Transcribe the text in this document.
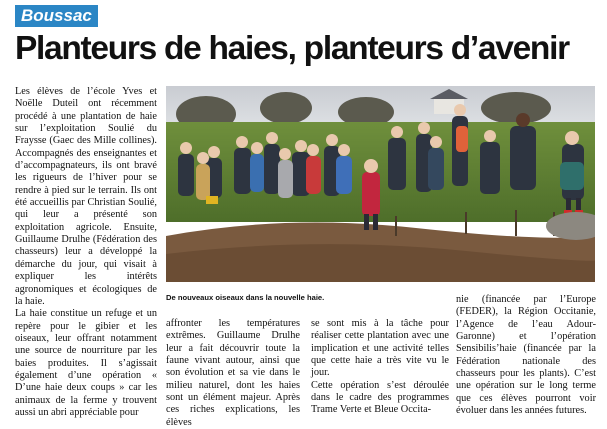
Boussac
Planteurs de haies, planteurs d’avenir

Les élèves de l’école Yves et Noëlle Duteil ont récemment procédé à une plantation de haie sur l’exploitation Soulié du Fraysse (Gaec des Mille collines). Accompagnés des enseignantes et d’accompagnateurs, ils ont bravé les rigueurs de l’hiver pour se rendre à pied sur le terrain. Ils ont été accueillis par Christian Soulié, qui leur a présenté son exploitation agricole. Ensuite, Guillaume Drulhe (Fédération des chasseurs) leur a développé la démarche du jour, qui visait à expliquer les intérêts agronomiques et écologiques de la haie.

La haie constitue un refuge et un repère pour le gibier et les oiseaux, leur offrant notamment une source de nourriture par les baies produites. Il s’agissait également d’une opération « D’une haie deux coups » car les animaux de la ferme y trouvent aussi un abri appréciable pour

De nouveaux oiseaux dans la nouvelle haie.

affronter les températures extrêmes. Guillaume Drulhe leur a fait découvrir toute la faune vivant autour, ainsi que son évolution et sa vie dans le milieu naturel, dont les haies sont un élément majeur. Après ces riches explications, les élèves

se sont mis à la tâche pour réaliser cette plantation avec une implication et une activité telles que cette haie a très vite vu le jour.

Cette opération s’est déroulée dans le cadre des programmes Trame Verte et Bleue Occita-

nie (financée par l’Europe (FEDER), la Région Occitanie, l’Agence de l’eau Adour-Garonne) et l’opération Sensibilis’haie (financée par la Fédération nationale des chasseurs pour les plants). C’est une opération sur le long terme que ces élèves pourront voir évoluer dans les années futures.
